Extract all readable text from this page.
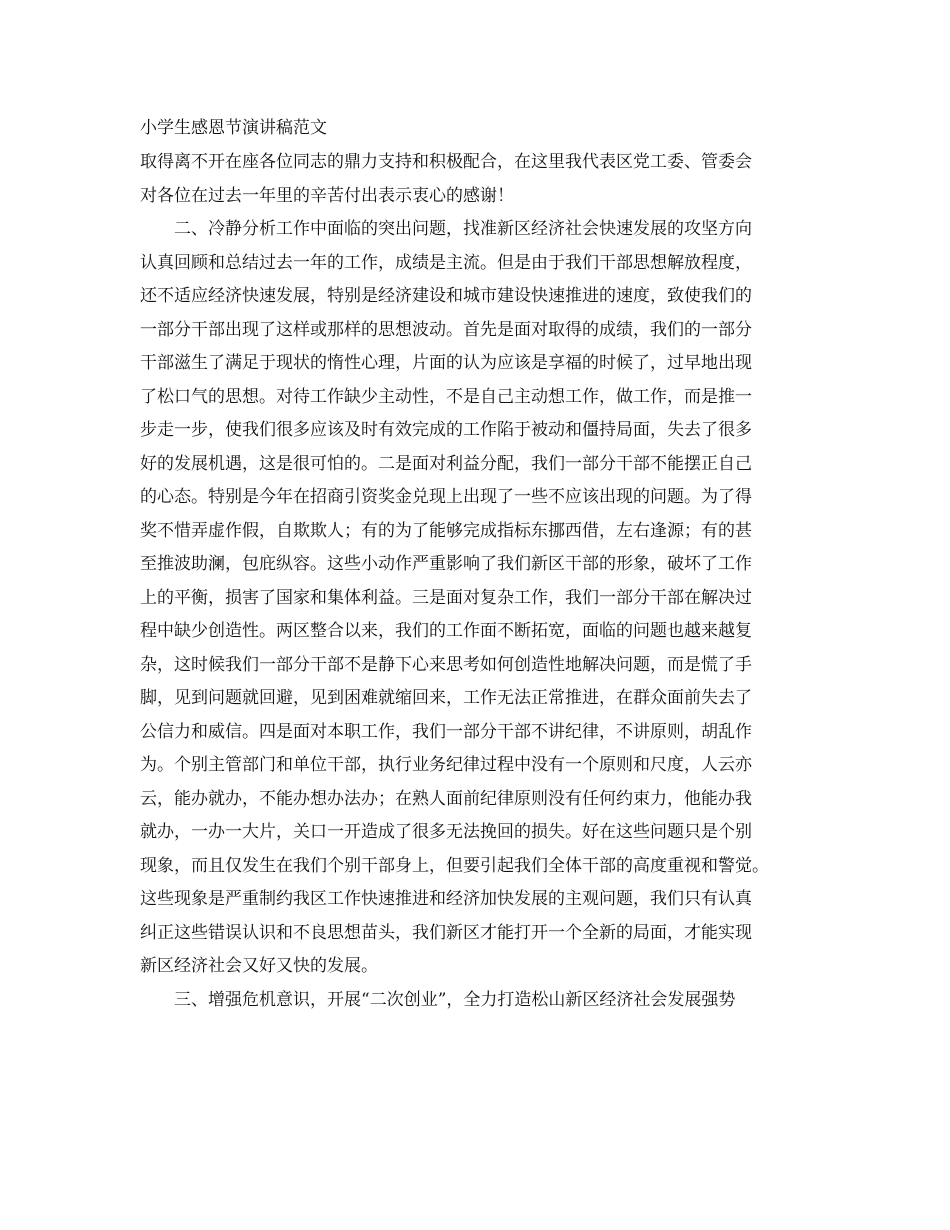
小学生感恩节演讲稿范文
取得离不开在座各位同志的鼎力支持和积极配合，在这里我代表区党工委、管委会
对各位在过去一年里的辛苦付出表示衷心的感谢！
二、冷静分析工作中面临的突出问题，找准新区经济社会快速发展的攻坚方向
认真回顾和总结过去一年的工作，成绩是主流。但是由于我们干部思想解放程度，
还不适应经济快速发展，特别是经济建设和城市建设快速推进的速度，致使我们的
一部分干部出现了这样或那样的思想波动。首先是面对取得的成绩，我们的一部分
干部滋生了满足于现状的惰性心理，片面的认为应该是享福的时候了，过早地出现
了松口气的思想。对待工作缺少主动性，不是自己主动想工作，做工作，而是推一
步走一步，使我们很多应该及时有效完成的工作陷于被动和僵持局面，失去了很多
好的发展机遇，这是很可怕的。二是面对利益分配，我们一部分干部不能摆正自己
的心态。特别是今年在招商引资奖金兑现上出现了一些不应该出现的问题。为了得
奖不惜弄虚作假，自欺欺人；有的为了能够完成指标东挪西借，左右逢源；有的甚
至推波助澜，包庇纵容。这些小动作严重影响了我们新区干部的形象，破坏了工作
上的平衡，损害了国家和集体利益。三是面对复杂工作，我们一部分干部在解决过
程中缺少创造性。两区整合以来，我们的工作面不断拓宽，面临的问题也越来越复
杂，这时候我们一部分干部不是静下心来思考如何创造性地解决问题，而是慌了手
脚，见到问题就回避，见到困难就缩回来，工作无法正常推进，在群众面前失去了
公信力和威信。四是面对本职工作，我们一部分干部不讲纪律，不讲原则，胡乱作
为。个别主管部门和单位干部，执行业务纪律过程中没有一个原则和尺度，人云亦
云，能办就办，不能办想办法办；在熟人面前纪律原则没有任何约束力，他能办我
就办，一办一大片，关口一开造成了很多无法挽回的损失。好在这些问题只是个别
现象，而且仅发生在我们个别干部身上，但要引起我们全体干部的高度重视和警觉。
这些现象是严重制约我区工作快速推进和经济加快发展的主观问题，我们只有认真
纠正这些错误认识和不良思想苗头，我们新区才能打开一个全新的局面，才能实现
新区经济社会又好又快的发展。
三、增强危机意识，开展“二次创业”，全力打造松山新区经济社会发展强势
